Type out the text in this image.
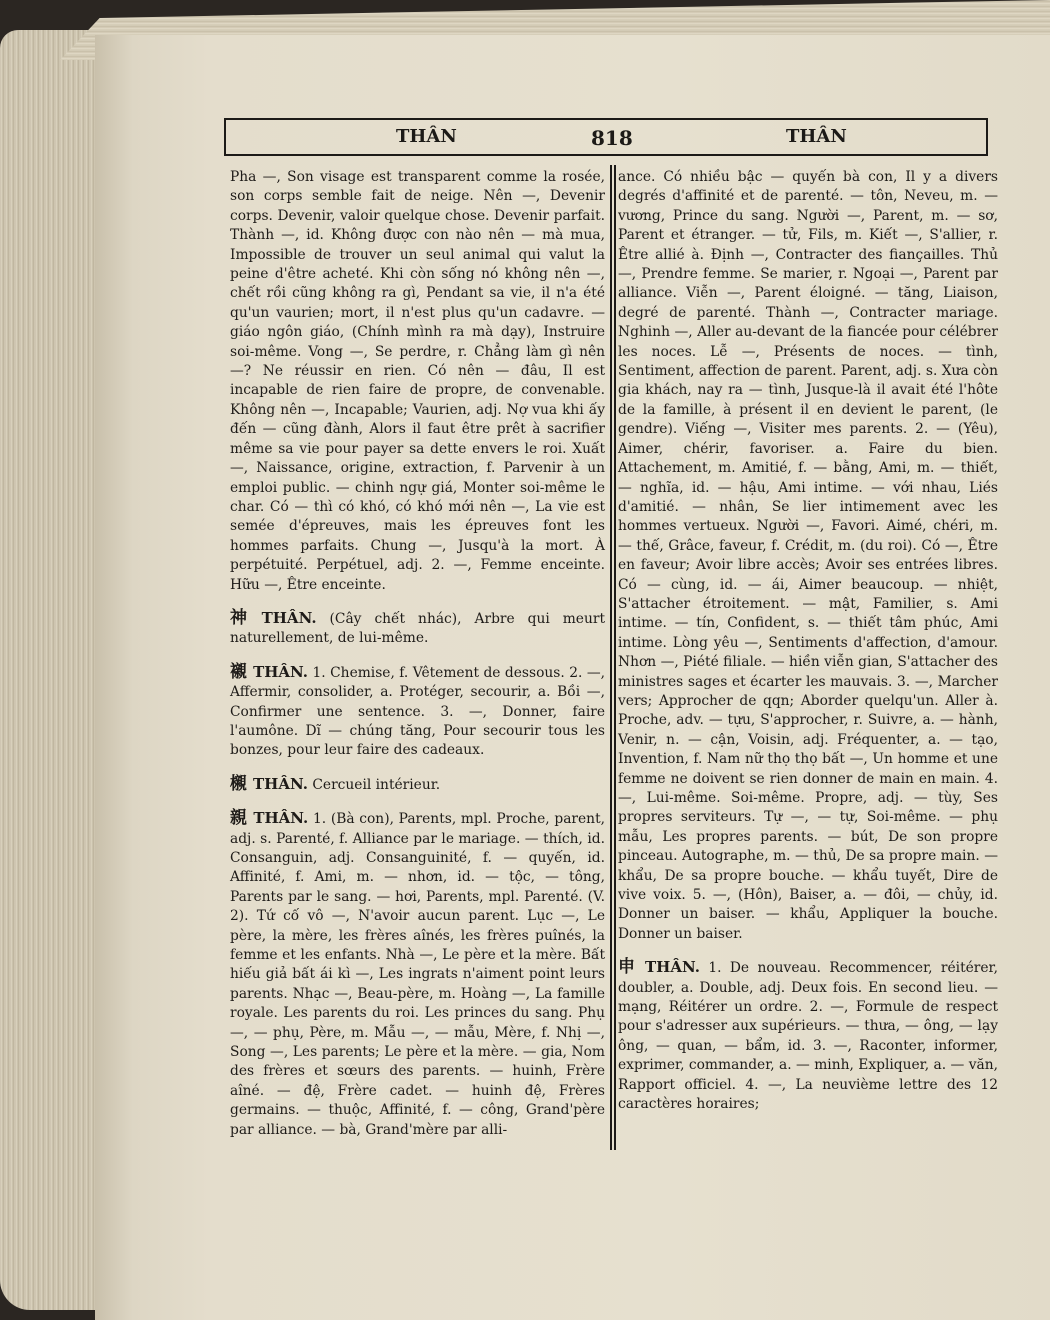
THÂN	818	THÂN

Pha —, Son visage est transparent comme la rosée, son corps semble fait de neige. Nên —, Devenir corps. Devenir, valoir quelque chose. Devenir parfait. Thành —, id. Không được con nào nên — mà mua, Impossible de trouver un seul animal qui valut la peine d'être acheté. Khi còn sống nó không nên —, chết rồi cũng không ra gì, Pendant sa vie, il n'a été qu'un vaurien; mort, il n'est plus qu'un cadavre. — giáo ngôn giáo, (Chính mình ra mà dạy), Instruire soi-même. Vong —, Se perdre, r. Chẳng làm gì nên —? Ne réussir en rien. Có nên — đâu, Il est incapable de rien faire de propre, de convenable. Không nên —, Incapable; Vaurien, adj. Nợ vua khi ấy đến — cũng đành, Alors il faut être prêt à sacrifier même sa vie pour payer sa dette envers le roi. Xuất —, Naissance, origine, extraction, f. Parvenir à un emploi public. — chinh ngự giá, Monter soi-même le char. Có — thì có khó, có khó mới nên —, La vie est semée d'épreuves, mais les épreuves font les hommes parfaits. Chung —, Jusqu'à la mort. À perpétuité. Perpétuel, adj. 2. —, Femme enceinte. Hữu —, Être enceinte.

神 THÂN. (Cây chết nhác), Arbre qui meurt naturellement, de lui-même.

襯 THÂN. 1. Chemise, f. Vêtement de dessous. 2. —, Affermir, consolider, a. Protéger, secourir, a. Bồi —, Confirmer une sentence. 3. —, Donner, faire l'aumône. Dĩ — chúng tăng, Pour secourir tous les bonzes, pour leur faire des cadeaux.

櫬 THÂN. Cercueil intérieur.

親 THÂN. 1. (Bà con), Parents, mpl. Proche, parent, adj. s. Parenté, f. Alliance par le mariage. — thích, id. Consanguin, adj. Consanguinité, f. — quyến, id. Affinité, f. Ami, m. — nhơn, id. — tộc, — tông, Parents par le sang. — hơi, Parents, mpl. Parenté. (V. 2). Tứ cố vô —, N'avoir aucun parent. Lục —, Le père, la mère, les frères aînés, les frères puînés, la femme et les enfants. Nhà —, Le père et la mère. Bất hiếu giả bất ái kì —, Les ingrats n'aiment point leurs parents. Nhạc —, Beau-père, m. Hoàng —, La famille royale. Les parents du roi. Les princes du sang. Phụ —, — phụ, Père, m. Mẫu —, — mẫu, Mère, f. Nhị —, Song —, Les parents; Le père et la mère. — gia, Nom des frères et sœurs des parents. — huinh, Frère aîné. — đệ, Frère cadet. — huinh đệ, Frères germains. — thuộc, Affinité, f. — công, Grand'père par alliance. — bà, Grand'mère par alli-

ance. Có nhiều bậc — quyến bà con, Il y a divers degrés d'affinité et de parenté. — tôn, Neveu, m. — vương, Prince du sang. Người —, Parent, m. — sơ, Parent et étranger. — tử, Fils, m. Kiết —, S'allier, r. Être allié à. Định —, Contracter des fiançailles. Thủ —, Prendre femme. Se marier, r. Ngoại —, Parent par alliance. Viễn —, Parent éloigné. — tăng, Liaison, degré de parenté. Thành —, Contracter mariage. Nghinh —, Aller au-devant de la fiancée pour célébrer les noces. Lễ —, Présents de noces. — tình, Sentiment, affection de parent. Parent, adj. s. Xưa còn gia khách, nay ra — tình, Jusque-là il avait été l'hôte de la famille, à présent il en devient le parent, (le gendre). Viếng —, Visiter mes parents. 2. — (Yêu), Aimer, chérir, favoriser. a. Faire du bien. Attachement, m. Amitié, f. — bằng, Ami, m. — thiết, — nghĩa, id. — hậu, Ami intime. — với nhau, Liés d'amitié. — nhân, Se lier intimement avec les hommes vertueux. Người —, Favori. Aimé, chéri, m. — thế, Grâce, faveur, f. Crédit, m. (du roi). Có —, Être en faveur; Avoir libre accès; Avoir ses entrées libres. Có — cùng, id. — ái, Aimer beaucoup. — nhiệt, S'attacher étroitement. — mật, Familier, s. Ami intime. — tín, Confident, s. — thiết tâm phúc, Ami intime. Lòng yêu —, Sentiments d'affection, d'amour. Nhơn —, Piété filiale. — hiền viễn gian, S'attacher des ministres sages et écarter les mauvais. 3. —, Marcher vers; Approcher de qqn; Aborder quelqu'un. Aller à. Proche, adv. — tựu, S'approcher, r. Suivre, a. — hành, Venir, n. — cận, Voisin, adj. Fréquenter, a. — tạo, Invention, f. Nam nữ thọ thọ bất —, Un homme et une femme ne doivent se rien donner de main en main. 4. —, Lui-même. Soi-même. Propre, adj. — tùy, Ses propres serviteurs. Tự —, — tự, Soi-même. — phụ mẫu, Les propres parents. — bút, De son propre pinceau. Autographe, m. — thủ, De sa propre main. — khẩu, De sa propre bouche. — khẩu tuyết, Dire de vive voix. 5. —, (Hôn), Baiser, a. — đôi, — chủy, id. Donner un baiser. — khẩu, Appliquer la bouche. Donner un baiser.

申 THÂN. 1. De nouveau. Recommencer, réitérer, doubler, a. Double, adj. Deux fois. En second lieu. — mạng, Réitérer un ordre. 2. —, Formule de respect pour s'adresser aux supérieurs. — thưa, — ông, — lạy ông, — quan, — bẩm, id. 3. —, Raconter, informer, exprimer, commander, a. — minh, Expliquer, a. — văn, Rapport officiel. 4. —, La neuvième lettre des 12 caractères horaires;
